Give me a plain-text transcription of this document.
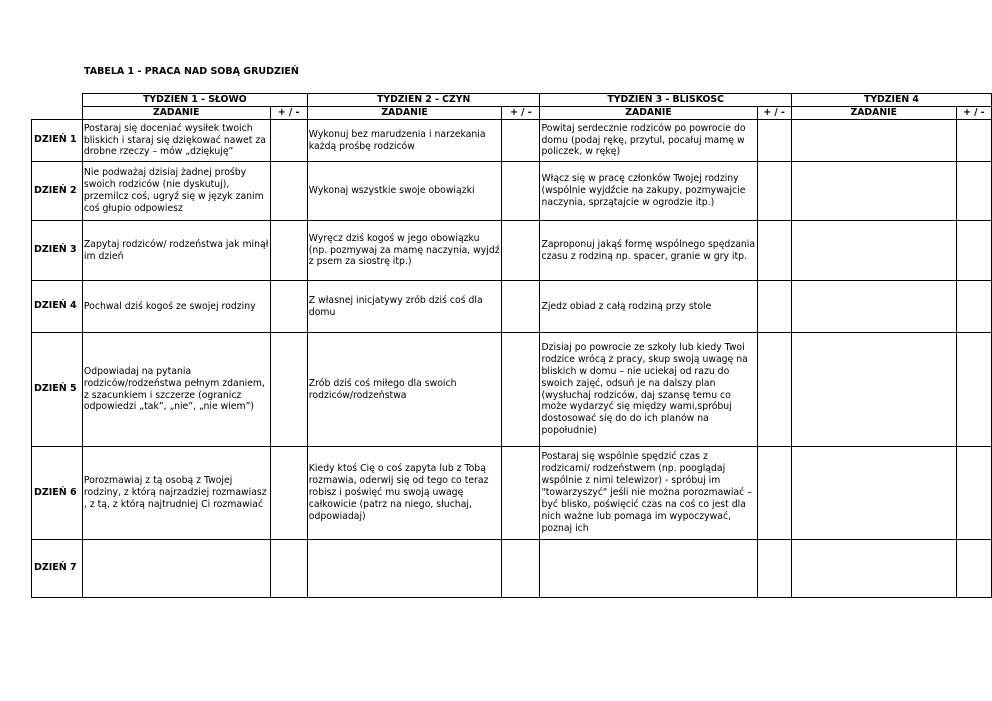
TABELA 1 - PRACA NAD SOBĄ GRUDZIEŃ
	TYDZIEŃ 1 - SŁOWO		TYDZIEŃ 2 - CZYN		TYDZIEŃ 3 - BLISKOŚĆ		TYDZIEŃ 4	
	ZADANIE	+ / -	ZADANIE	+ / -	ZADANIE	+ / -	ZADANIE	+ / -
DZIEŃ 1	Postaraj się doceniać wysiłek twoich bliskich i staraj się dziękować nawet za drobne rzeczy – mów „dziękuję”		Wykonuj bez marudzenia i narzekania każdą prośbę rodziców		Powitaj serdecznie rodziców po powrocie do domu (podaj rękę, przytul, pocałuj mamę w policzek, w rękę)			
DZIEŃ 2	Nie podważaj dzisiaj żadnej prośby swoich rodziców (nie dyskutuj), przemilcz coś, ugryź się w język zanim coś głupio odpowiesz		Wykonaj wszystkie swoje obowiązki		Włącz się w pracę członków Twojej rodziny (wspólnie wyjdźcie na zakupy, pozmywajcie naczynia, sprzątajcie w ogrodzie itp.)			
DZIEŃ 3	Zapytaj rodziców/ rodzeństwa jak minął im dzień		Wyręcz dziś kogoś w jego obowiązku (np. pozmywaj za mamę naczynia, wyjdź z psem za siostrę itp.)		Zaproponuj jakąś formę wspólnego spędzania czasu z rodziną np. spacer, granie w gry itp.			
DZIEŃ 4	Pochwal dziś kogoś ze swojej rodziny		Z własnej inicjatywy zrób dziś coś dla domu		Zjedz obiad z całą rodziną przy stole			
DZIEŃ 5	Odpowiadaj na pytania rodziców/rodzeństwa pełnym zdaniem, z szacunkiem i szczerze (ogranicz odpowiedzi „tak”, „nie”, „nie wiem”)		Zrób dziś coś miłego dla swoich rodziców/rodzeństwa		Dzisiaj po powrocie ze szkoły lub kiedy Twoi rodzice wrócą z pracy, skup swoją uwagę na bliskich w domu – nie uciekaj od razu do swoich zajęć, odsuń je na dalszy plan (wysłuchaj rodziców, daj szansę temu co może wydarzyć się między wami,spróbuj dostosować się do do ich planów na popołudnie)			
DZIEŃ 6	Porozmawiaj z tą osobą z Twojej rodziny, z którą najrzadziej rozmawiasz , z tą, z którą najtrudniej Ci rozmawiać		Kiedy ktoś Cię o coś zapyta lub z Tobą rozmawia, oderwij się od tego co teraz robisz i poświęć mu swoją uwagę całkowicie (patrz na niego, słuchaj, odpowiadaj)		Postaraj się wspólnie spędzić czas z rodzicami/ rodzeństwem (np. pooglądaj wspólnie z nimi telewizor) - spróbuj im "towarzyszyć" jeśli nie można porozmawiać – być blisko, poświęcić czas na coś co jest dla nich ważne lub pomaga im wypoczywać, poznaj ich			
DZIEŃ 7								
